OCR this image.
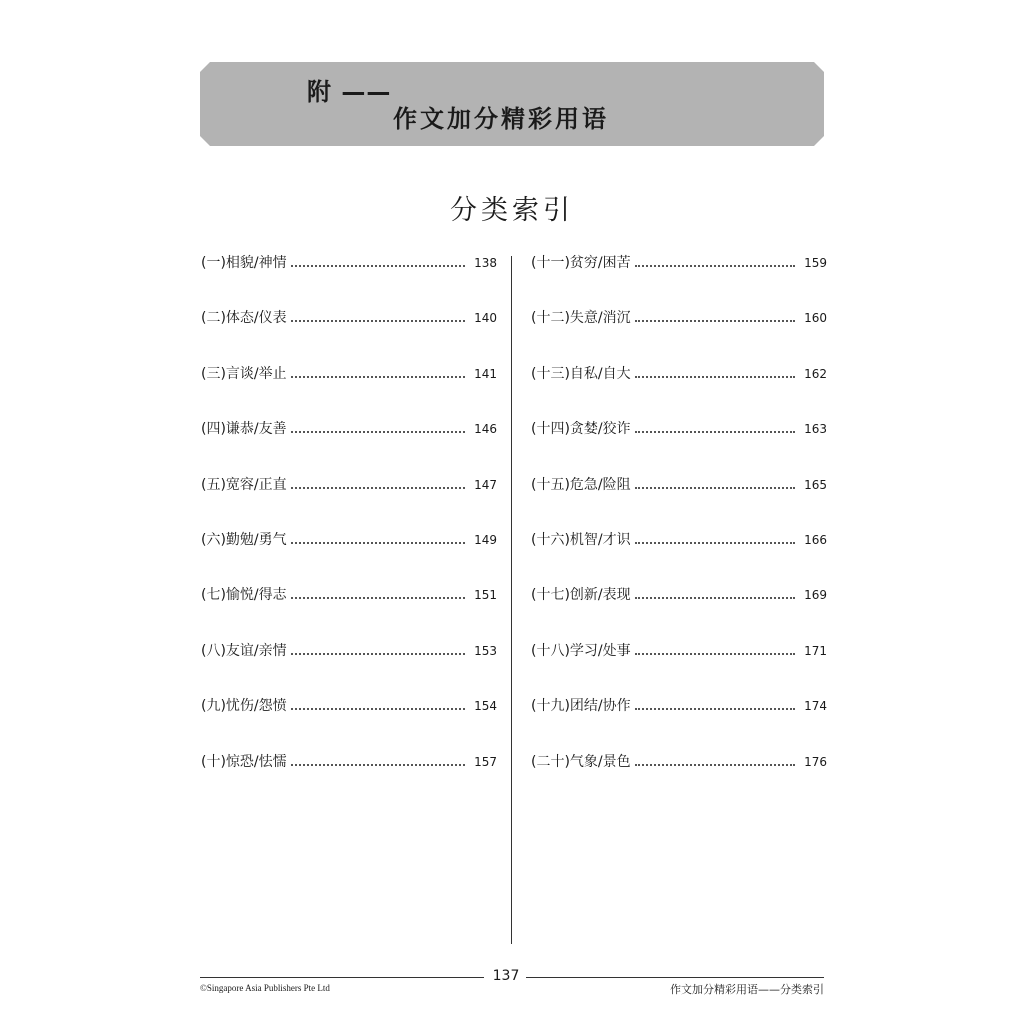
附 ——
作文加分精彩用语
分类索引
(一)相貌/神情	138
(二)体态/仪表	140
(三)言谈/举止	141
(四)谦恭/友善	146
(五)宽容/正直	147
(六)勤勉/勇气	149
(七)愉悦/得志	151
(八)友谊/亲情	153
(九)忧伤/怨愤	154
(十)惊恐/怯懦	157
(十一)贫穷/困苦	159
(十二)失意/消沉	160
(十三)自私/自大	162
(十四)贪婪/狡诈	163
(十五)危急/险阻	165
(十六)机智/才识	166
(十七)创新/表现	169
(十八)学习/处事	171
(十九)团结/协作	174
(二十)气象/景色	176
137
©Singapore Asia Publishers Pte Ltd	作文加分精彩用语——分类索引
